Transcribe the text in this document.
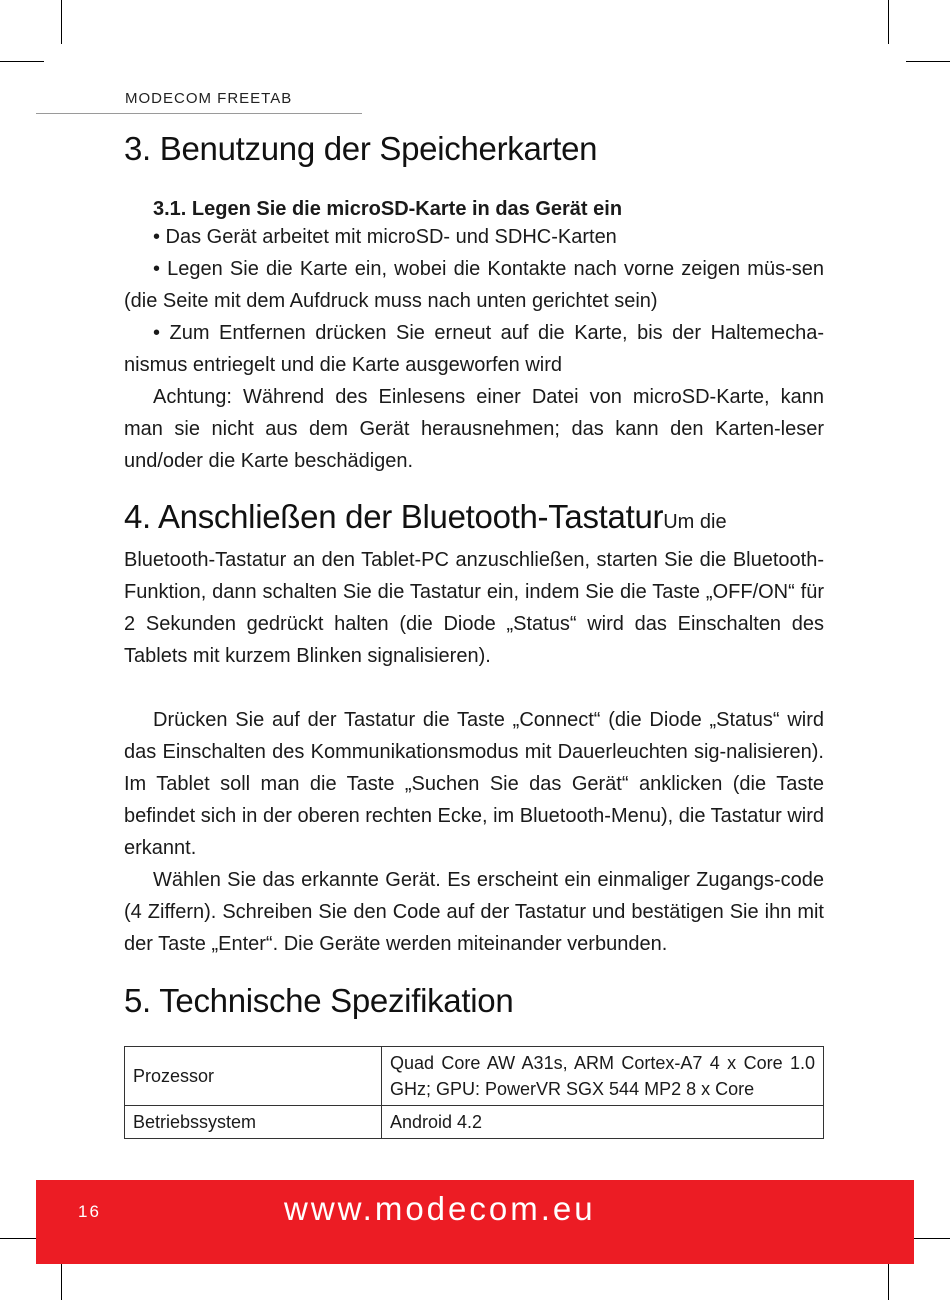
MODECOM FREETAB
3. Benutzung der Speicherkarten
3.1. Legen Sie die microSD-Karte in das Gerät ein

• Das Gerät arbeitet mit microSD- und SDHC-Karten

• Legen Sie die Karte ein, wobei die Kontakte nach vorne zeigen müs-sen (die Seite mit dem Aufdruck muss nach unten gerichtet sein)

• Zum Entfernen drücken Sie erneut auf die Karte, bis der Haltemecha-nismus entriegelt und die Karte ausgeworfen wird

Achtung: Während des Einlesens einer Datei von microSD-Karte, kann man sie nicht aus dem Gerät herausnehmen; das kann den Karten-leser und/oder die Karte beschädigen.

4. Anschließen der Bluetooth-TastaturUm die

Bluetooth-Tastatur an den Tablet-PC anzuschließen, starten Sie die Bluetooth-Funktion, dann schalten Sie die Tastatur ein, indem Sie die Taste „OFF/ON“ für 2 Sekunden gedrückt halten (die Diode „Status“ wird das Einschalten des Tablets mit kurzem Blinken signalisieren).

Drücken Sie auf der Tastatur die Taste „Connect“ (die Diode „Status“ wird das Einschalten des Kommunikationsmodus mit Dauerleuchten sig-nalisieren). Im Tablet soll man die Taste „Suchen Sie das Gerät“ anklicken (die Taste befindet sich in der oberen rechten Ecke, im Bluetooth-Menu), die Tastatur wird erkannt.

Wählen Sie das erkannte Gerät. Es erscheint ein einmaliger Zugangs-code (4 Ziffern). Schreiben Sie den Code auf der Tastatur und bestätigen Sie ihn mit der Taste „Enter“. Die Geräte werden miteinander verbunden.

5. Technische Spezifikation
Prozessor	Quad Core AW A31s, ARM Cortex-A7 4 x Core 1.0 GHz; GPU: PowerVR SGX 544 MP2 8 x Core
Betriebssystem	Android 4.2
16	www.modecom.eu
